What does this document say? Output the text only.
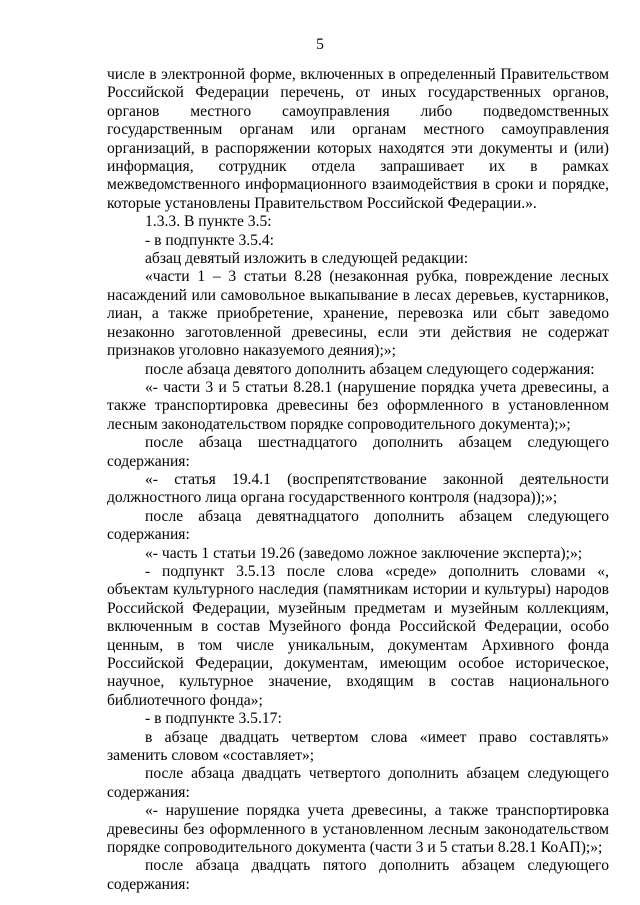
5

числе в электронной форме, включенных в определенный Правительством Российской Федерации перечень, от иных государственных органов, органов местного самоуправления либо подведомственных государственным органам или органам местного самоуправления организаций, в распоряжении которых находятся эти документы и (или) информация, сотрудник отдела запрашивает их в рамках межведомственного информационного взаимодействия в сроки и порядке, которые установлены Правительством Российской Федерации.».

1.3.3. В пункте 3.5:

- в подпункте 3.5.4:

абзац девятый изложить в следующей редакции:

«части 1 – 3 статьи 8.28 (незаконная рубка, повреждение лесных насаждений или самовольное выкапывание в лесах деревьев, кустарников, лиан, а также приобретение, хранение, перевозка или сбыт заведомо незаконно заготовленной древесины, если эти действия не содержат признаков уголовно наказуемого деяния);»;

после абзаца девятого дополнить абзацем следующего содержания:

«- части 3 и 5 статьи 8.28.1 (нарушение порядка учета древесины, а также транспортировка древесины без оформленного в установленном лесным законодательством порядке сопроводительного документа);»;

после абзаца шестнадцатого дополнить абзацем следующего содержания:

«- статья 19.4.1 (воспрепятствование законной деятельности должностного лица органа государственного контроля (надзора));»;

после абзаца девятнадцатого дополнить абзацем следующего содержания:

«- часть 1 статьи 19.26 (заведомо ложное заключение эксперта);»;

- подпункт 3.5.13 после слова «среде» дополнить словами «, объектам культурного наследия (памятникам истории и культуры) народов Российской Федерации, музейным предметам и музейным коллекциям, включенным в состав Музейного фонда Российской Федерации, особо ценным, в том числе уникальным, документам Архивного фонда Российской Федерации, документам, имеющим особое историческое, научное, культурное значение, входящим в состав национального библиотечного фонда»;

- в подпункте 3.5.17:

в абзаце двадцать четвертом слова «имеет право составлять» заменить словом «составляет»;

после абзаца двадцать четвертого дополнить абзацем следующего содержания:

«- нарушение порядка учета древесины, а также транспортировка древесины без оформленного в установленном лесным законодательством порядке сопроводительного документа (части 3 и 5 статьи 8.28.1 КоАП);»;

после абзаца двадцать пятого дополнить абзацем следующего содержания:
